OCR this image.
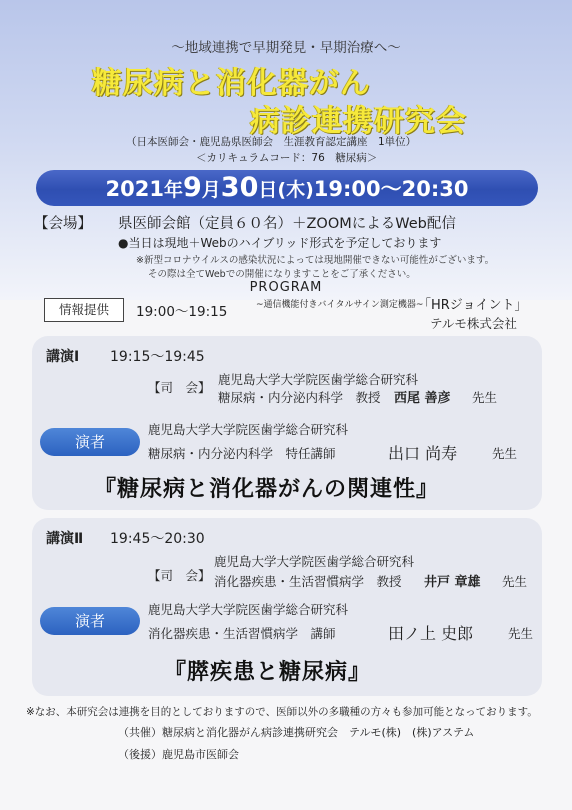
～地域連携で早期発見・早期治療へ～
糖尿病と消化器がん
病診連携研究会
（日本医師会・鹿児島県医師会　生涯教育認定講座　1単位）
＜カリキュラムコード：76　糖尿病＞
2021年9月30日(木)19:00～20:30
【会場】 県医師会館（定員６０名）＋ZOOMによるWeb配信
●当日は現地＋Webのハイブリッド形式を予定しております
※新型コロナウイルスの感染状況によっては現地開催できない可能性がございます。
その際は全てWebでの開催になりますことをご了承ください。
PROGRAM
情報提供	19:00～19:15	~通信機能付きバイタルサイン測定機器~
「HRジョイント」
テルモ株式会社
講演Ⅰ 19:15～19:45
【司　会】
鹿児島大学大学院医歯学総合研究科
糖尿病・内分泌内科学　教授 西尾 善彦 先生
演者
鹿児島大学大学院医歯学総合研究科
糖尿病・内分泌内科学　特任講師	出口 尚寿	先生
『糖尿病と消化器がんの関連性』
講演Ⅱ 19:45～20:30
【司　会】
鹿児島大学大学院医歯学総合研究科
消化器疾患・生活習慣病学　教授 井戸 章雄 先生
演者
鹿児島大学大学院医歯学総合研究科
消化器疾患・生活習慣病学　講師	田ノ上 史郎	先生
『膵疾患と糖尿病』
※なお、本研究会は連携を目的としておりますので、医師以外の多職種の方々も参加可能となっております。
（共催）糖尿病と消化器がん病診連携研究会　テルモ(株)　(株)アステム
（後援）鹿児島市医師会
